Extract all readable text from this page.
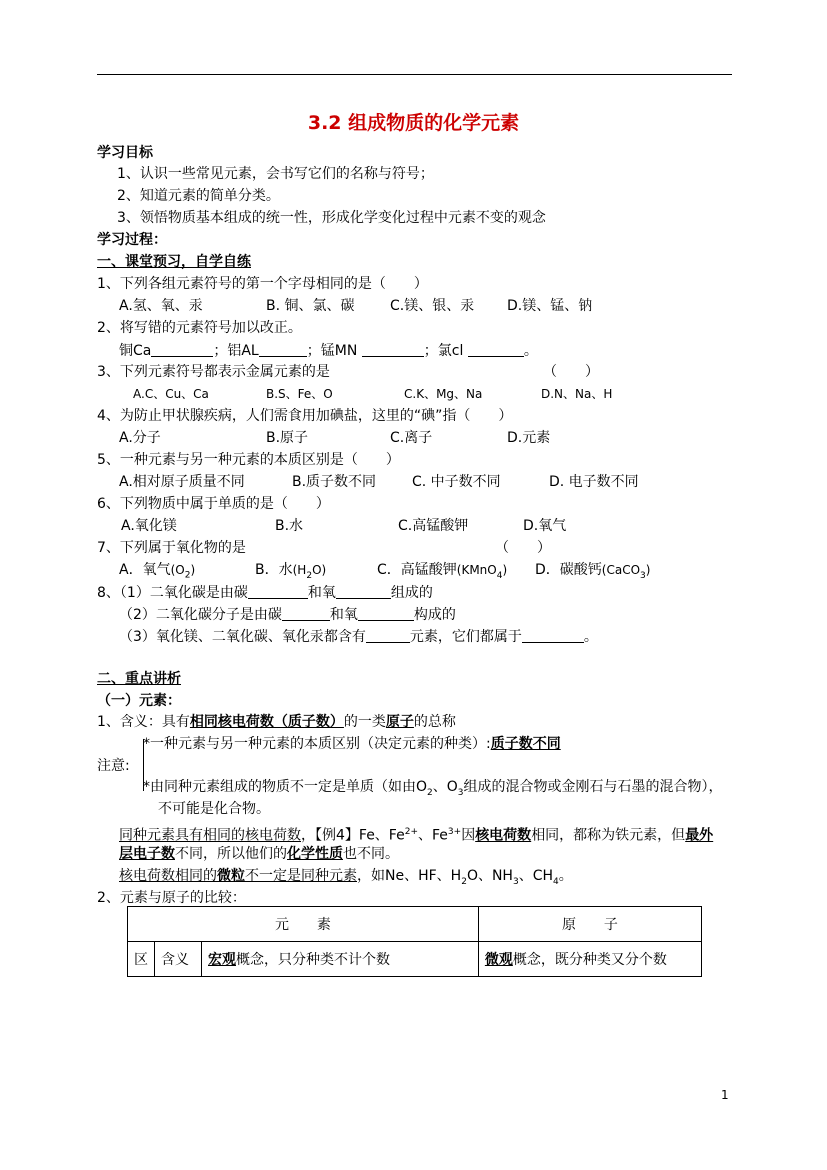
3.2 组成物质的化学元素
学习目标
1、认识一些常见元素，会书写它们的名称与符号；
2、知道元素的简单分类。
3、领悟物质基本组成的统一性，形成化学变化过程中元素不变的观念
学习过程：
一、课堂预习，自学自练
1、下列各组元素符号的第一个字母相同的是（　　）
A.氢、氧、汞	B. 铜、氯、碳	C.镁、银、汞 D.镁、锰、钠
2、将写错的元素符号加以改正。
铜Ca	；铝AL	；锰MN	；氯cl	。
3、下列元素符号都表示金属元素的是	（　　）
A.C、Cu、Ca	B.S、Fe、O	C.K、Mg、Na	D.N、Na、H
4、为防止甲状腺疾病，人们需食用加碘盐，这里的“碘”指（　　）
A.分子	B.原子	C.离子	D.元素
5、一种元素与另一种元素的本质区别是（　　）
A.相对原子质量不同	B.质子数不同	C. 中子数不同	D. 电子数不同
6、下列物质中属于单质的是（　　）
A.氧化镁	B.水	C.高锰酸钾	D.氧气
7、下列属于氧化物的是	（　　）
A．氧气$(O_2)$	B．水$(H_2O)$	C．高锰酸钾(KMnO$_4$) D．碳酸钙(CaCO$_3$)
8、（1）二氧化碳是由碳	和氧	组成的
（2）二氧化碳分子是由碳	和氧	构成的
（3）氧化镁、二氧化碳、氧化汞都含有	元素，它们都属于	。
二、重点讲析
（一）元素：
1、含义：具有相同核电荷数（质子数）的一类原子的总称
注意:
*一种元素与另一种元素的本质区别（决定元素的种类）:质子数不同
*由同种元素组成的物质不一定是单质（如由$O_2$、$O_3$组成的混合物或金刚石与石墨的混合物），
不可能是化合物。
同种元素具有相同的核电荷数，【例4】Fe、$Fe^{2+}$、$Fe^{3+}$因核电荷数相同，都称为铁元素，但最外
层电子数不同，所以他们的化学性质也不同。
核电荷数相同的微粒不一定是同种元素，如Ne、HF、$H_2O$、$NH_3$、$CH_4$。
2、元素与原子的比较：
元　　素			原　　子
区	含义	宏观概念，只分种类不计个数	微观概念，既分种类又分个数
1
